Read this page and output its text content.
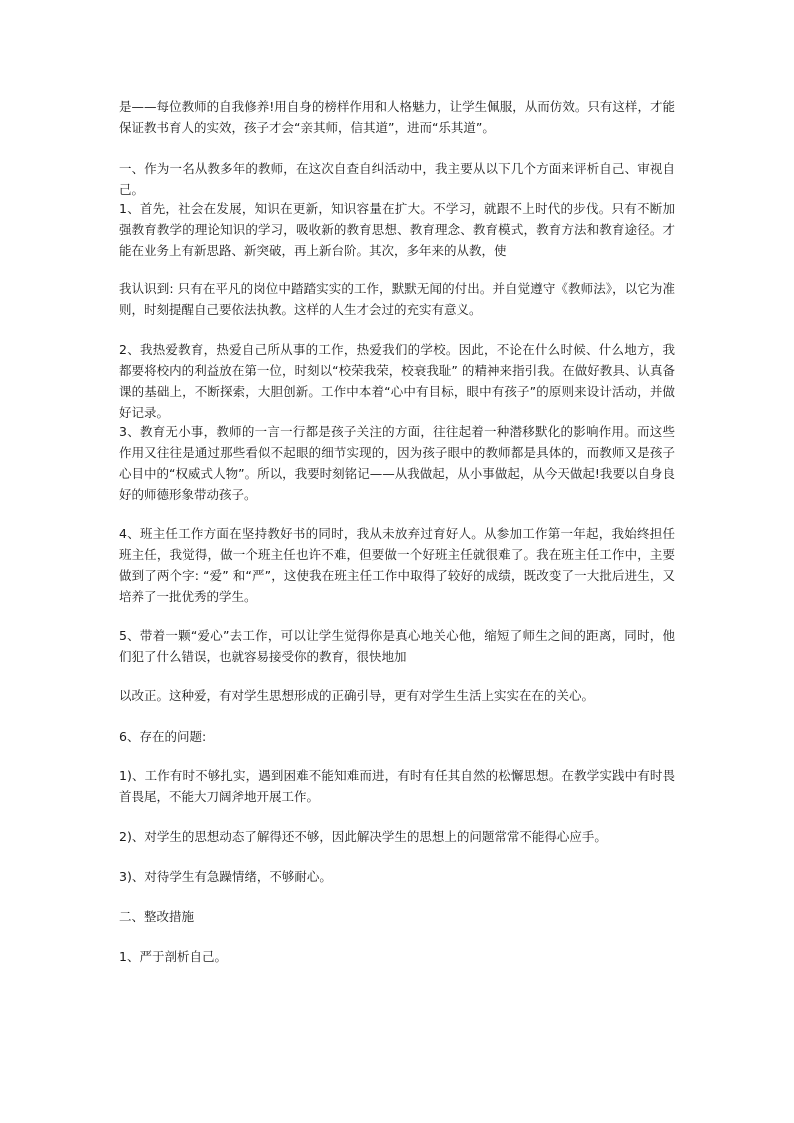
是——每位教师的自我修养!用自身的榜样作用和人格魅力，让学生佩服，从而仿效。只有这样，才能保证教书育人的实效，孩子才会“亲其师，信其道”，进而“乐其道”。

一、作为一名从教多年的教师，在这次自查自纠活动中，我主要从以下几个方面来评析自己、审视自己。

1、首先，社会在发展，知识在更新，知识容量在扩大。不学习，就跟不上时代的步伐。只有不断加强教育教学的理论知识的学习，吸收新的教育思想、教育理念、教育模式，教育方法和教育途径。才能在业务上有新思路、新突破，再上新台阶。其次，多年来的从教，使

我认识到: 只有在平凡的岗位中踏踏实实的工作，默默无闻的付出。并自觉遵守《教师法》，以它为准则，时刻提醒自己要依法执教。这样的人生才会过的充实有意义。

2、我热爱教育，热爱自己所从事的工作，热爱我们的学校。因此，不论在什么时候、什么地方，我都要将校内的利益放在第一位，时刻以“校荣我荣，校衰我耻” 的精神来指引我。在做好教具、认真备课的基础上，不断探索，大胆创新。工作中本着“心中有目标，眼中有孩子”的原则来设计活动，并做好记录。

3、教育无小事，教师的一言一行都是孩子关注的方面，往往起着一种潜移默化的影响作用。而这些作用又往往是通过那些看似不起眼的细节实现的，因为孩子眼中的教师都是具体的，而教师又是孩子心目中的“权威式人物”。所以，我要时刻铭记——从我做起，从小事做起，从今天做起!我要以自身良好的师德形象带动孩子。

4、班主任工作方面在坚持教好书的同时，我从未放弃过育好人。从参加工作第一年起，我始终担任班主任，我觉得，做一个班主任也许不难，但要做一个好班主任就很难了。我在班主任工作中，主要做到了两个字: “爱” 和“严”，这使我在班主任工作中取得了较好的成绩，既改变了一大批后进生，又培养了一批优秀的学生。

5、带着一颗“爱心”去工作，可以让学生觉得你是真心地关心他，缩短了师生之间的距离，同时，他们犯了什么错误，也就容易接受你的教育，很快地加

以改正。这种爱，有对学生思想形成的正确引导，更有对学生生活上实实在在的关心。

6、存在的问题:

1)、工作有时不够扎实，遇到困难不能知难而进，有时有任其自然的松懈思想。在教学实践中有时畏首畏尾，不能大刀阔斧地开展工作。

2)、对学生的思想动态了解得还不够，因此解决学生的思想上的问题常常不能得心应手。

3)、对待学生有急躁情绪，不够耐心。

二、整改措施

1、严于剖析自己。
